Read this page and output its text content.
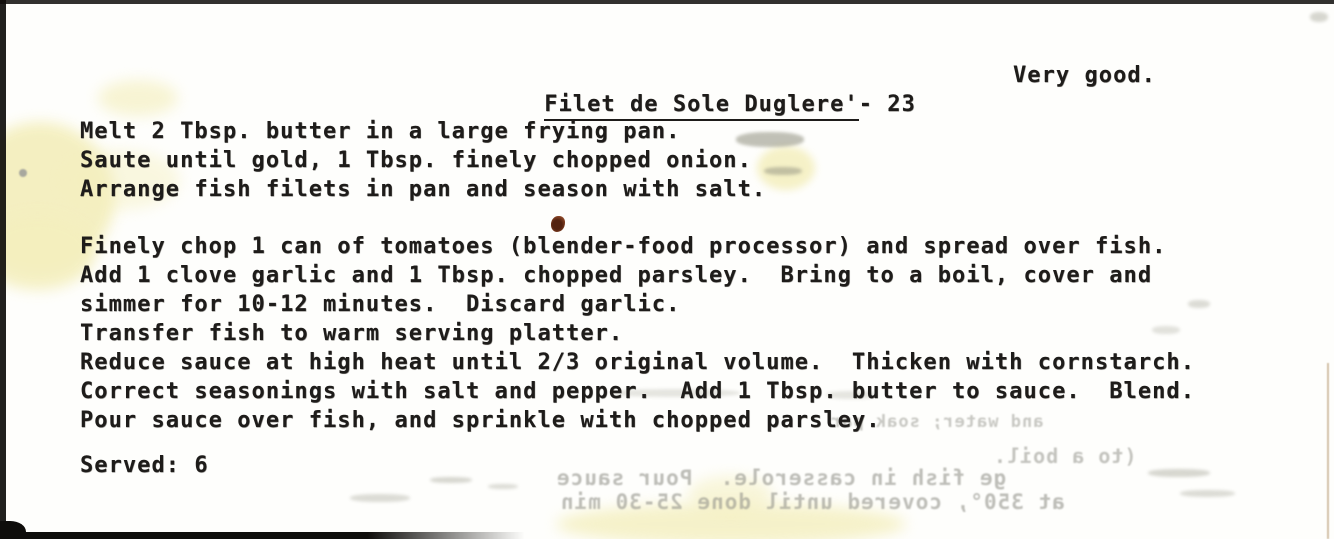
(to a boil.
ge fish in casserole.  Pour sauce
at 350°, covered until done 25-30 min
and water; soak par

Filet de Sole Duglere'- 23

Very good.
Melt 2 Tbsp. butter in a large frying pan.
Saute until gold, 1 Tbsp. finely chopped onion.
Arrange fish filets in pan and season with salt.
Finely chop 1 can of tomatoes (blender-food processor) and spread over fish.
Add 1 clove garlic and 1 Tbsp. chopped parsley.  Bring to a boil, cover and
simmer for 10-12 minutes.  Discard garlic.
Transfer fish to warm serving platter.
Reduce sauce at high heat until 2/3 original volume.  Thicken with cornstarch.
Correct seasonings with salt and pepper.  Add 1 Tbsp. butter to sauce.  Blend.
Pour sauce over fish, and sprinkle with chopped parsley.
Served: 6
